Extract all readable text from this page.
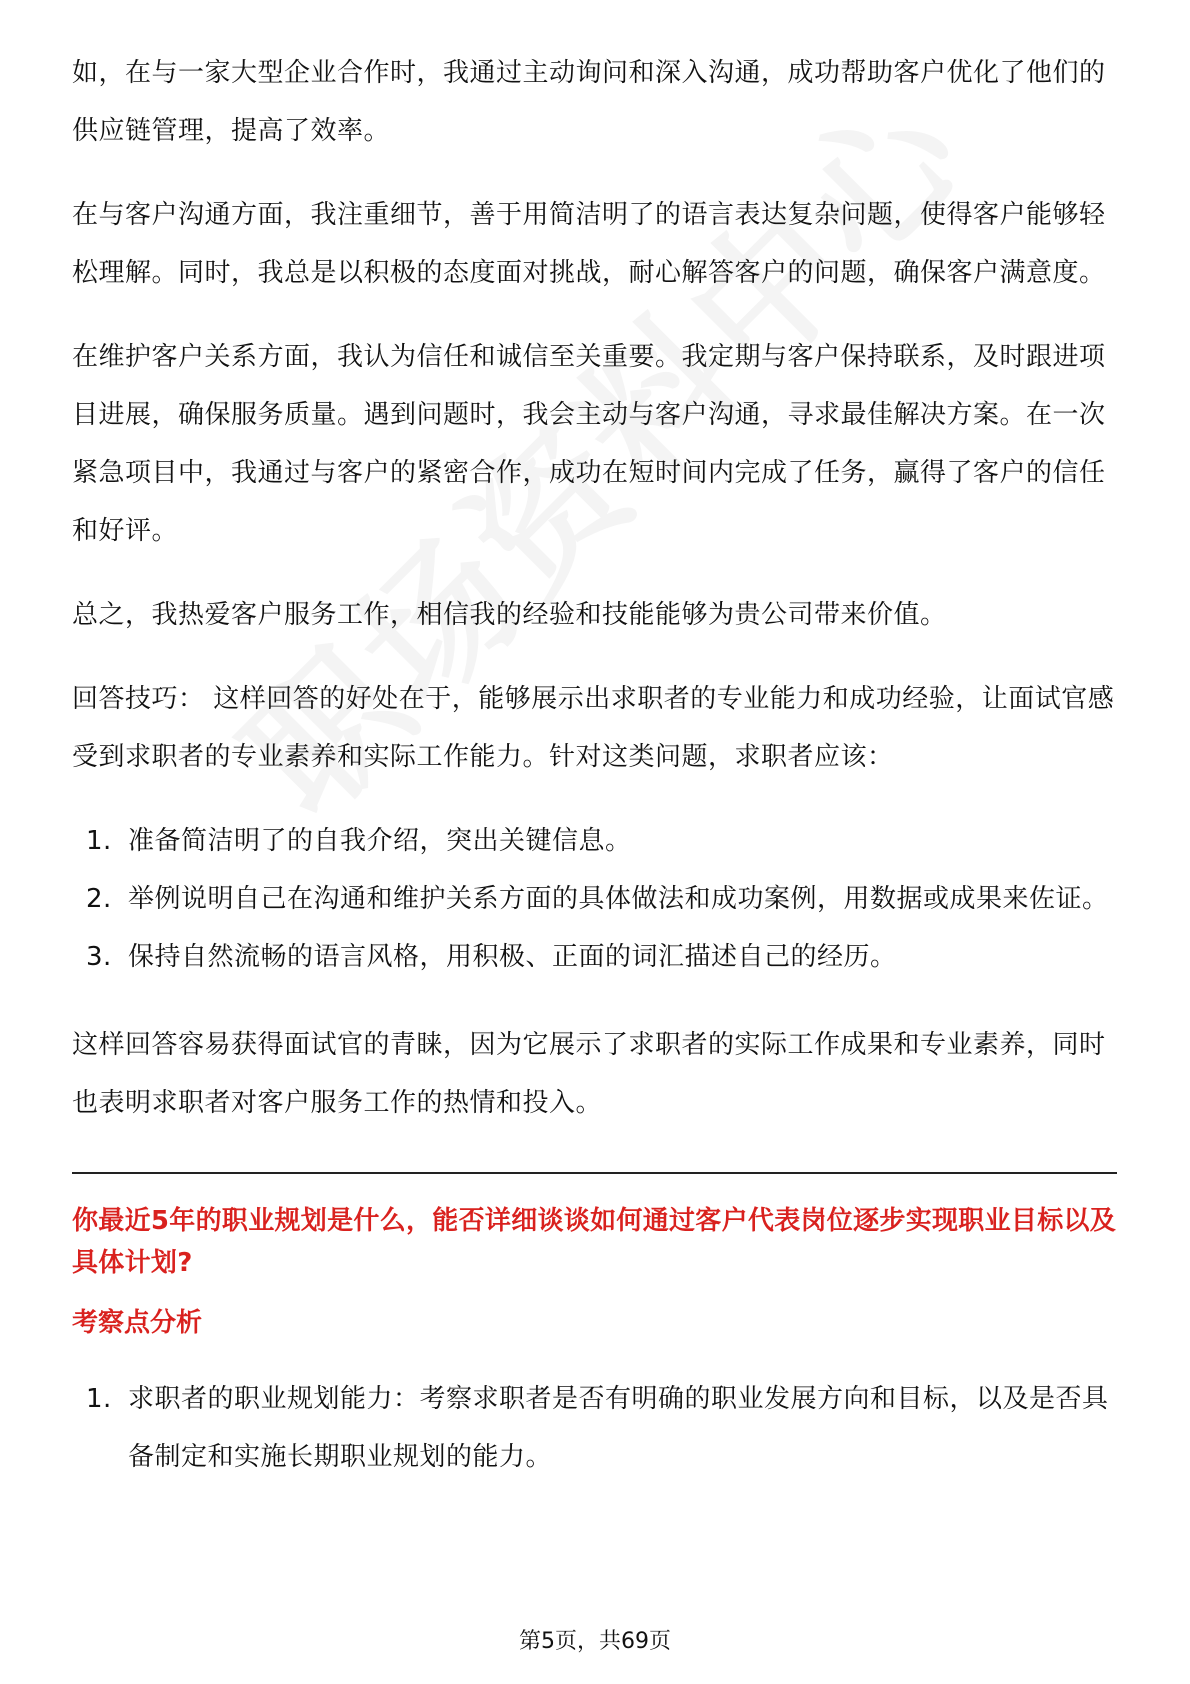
如，在与一家大型企业合作时，我通过主动询问和深入沟通，成功帮助客户优化了他们的供应链管理，提高了效率。

在与客户沟通方面，我注重细节，善于用简洁明了的语言表达复杂问题，使得客户能够轻松理解。同时，我总是以积极的态度面对挑战，耐心解答客户的问题，确保客户满意度。

在维护客户关系方面，我认为信任和诚信至关重要。我定期与客户保持联系，及时跟进项目进展，确保服务质量。遇到问题时，我会主动与客户沟通，寻求最佳解决方案。在一次紧急项目中，我通过与客户的紧密合作，成功在短时间内完成了任务，赢得了客户的信任和好评。

总之，我热爱客户服务工作，相信我的经验和技能能够为贵公司带来价值。

回答技巧： 这样回答的好处在于，能够展示出求职者的专业能力和成功经验，让面试官感受到求职者的专业素养和实际工作能力。针对这类问题，求职者应该：

1. 准备简洁明了的自我介绍，突出关键信息。
2. 举例说明自己在沟通和维护关系方面的具体做法和成功案例，用数据或成果来佐证。
3. 保持自然流畅的语言风格，用积极、正面的词汇描述自己的经历。

这样回答容易获得面试官的青睐，因为它展示了求职者的实际工作成果和专业素养，同时也表明求职者对客户服务工作的热情和投入。

你最近5年的职业规划是什么，能否详细谈谈如何通过客户代表岗位逐步实现职业目标以及具体计划?
考察点分析
1. 求职者的职业规划能力：考察求职者是否有明确的职业发展方向和目标，以及是否具备制定和实施长期职业规划的能力。
第5页，共69页
